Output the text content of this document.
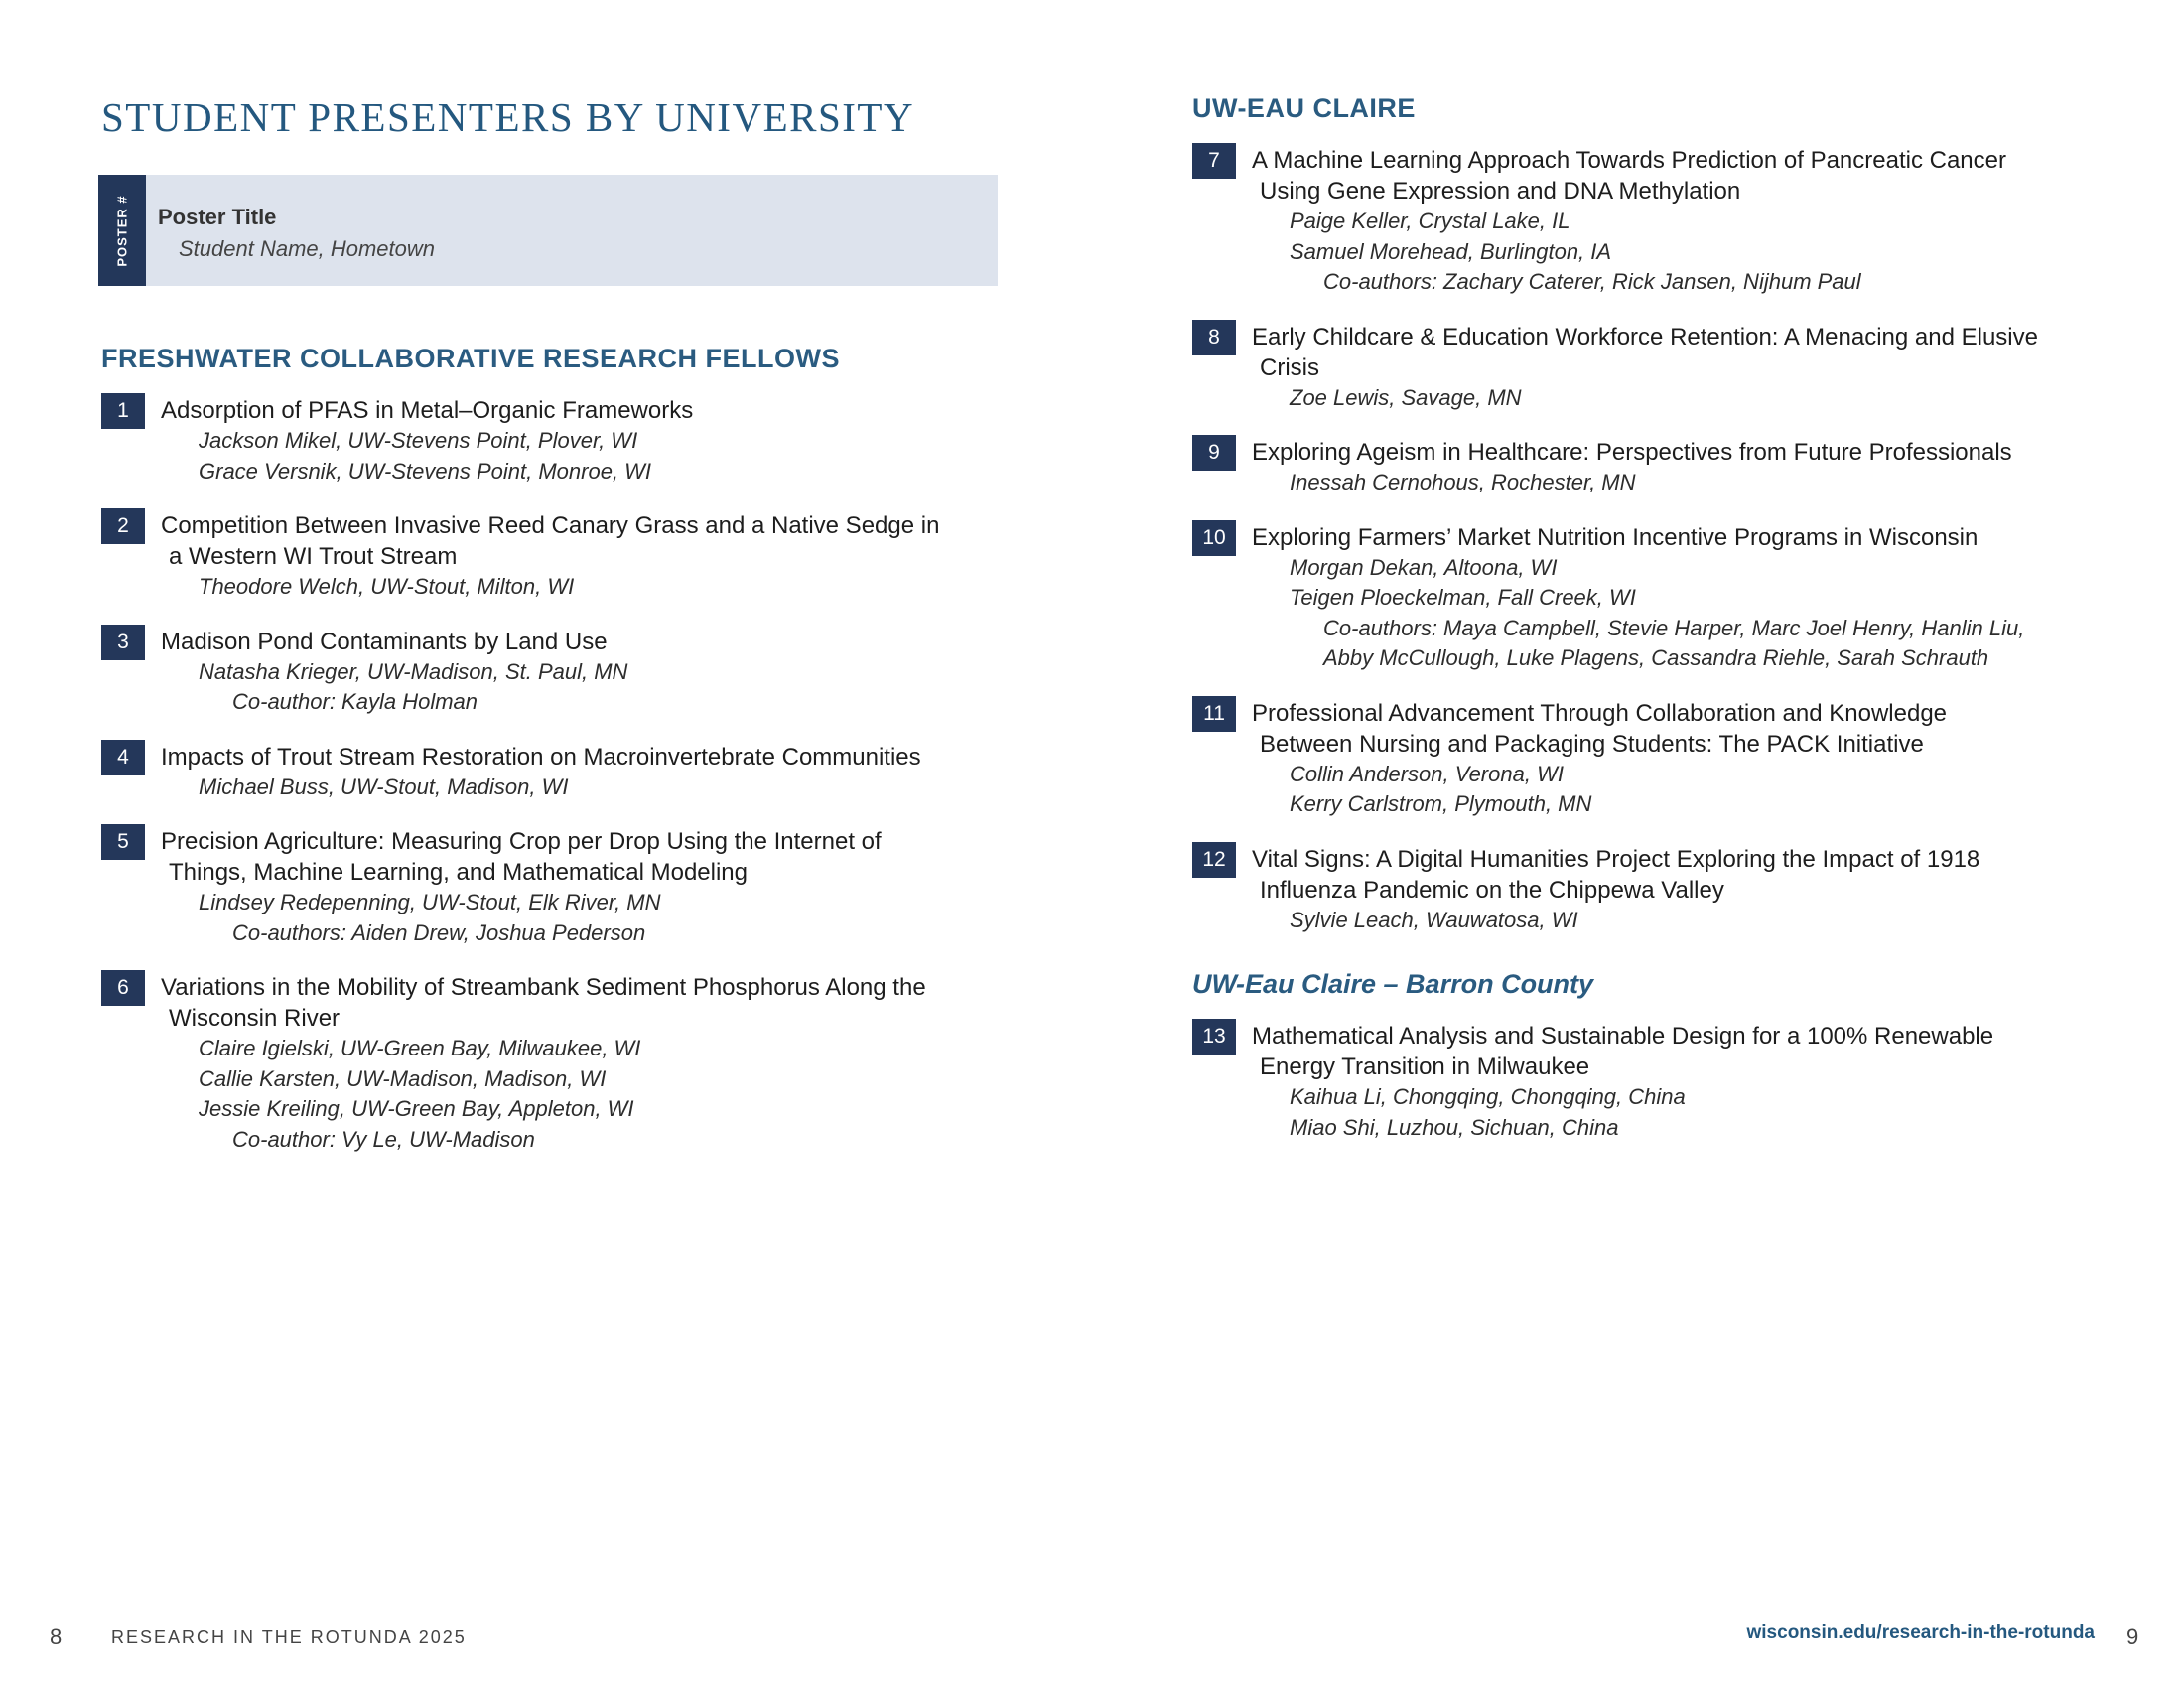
STUDENT PRESENTERS BY UNIVERSITY
POSTER # Poster Title
Student Name, Hometown
FRESHWATER COLLABORATIVE RESEARCH FELLOWS
1	Adsorption of PFAS in Metal–Organic Frameworks
Jackson Mikel, UW-Stevens Point, Plover, WI
Grace Versnik, UW-Stevens Point, Monroe, WI
2	Competition Between Invasive Reed Canary Grass and a Native Sedge in
a Western WI Trout Stream
Theodore Welch, UW-Stout, Milton, WI
3	Madison Pond Contaminants by Land Use
Natasha Krieger, UW-Madison, St. Paul, MN
Co-author: Kayla Holman
4	Impacts of Trout Stream Restoration on Macroinvertebrate Communities
Michael Buss, UW-Stout, Madison, WI
5	Precision Agriculture: Measuring Crop per Drop Using the Internet of
Things, Machine Learning, and Mathematical Modeling
Lindsey Redepenning, UW-Stout, Elk River, MN
Co-authors: Aiden Drew, Joshua Pederson
6	Variations in the Mobility of Streambank Sediment Phosphorus Along the
Wisconsin River
Claire Igielski, UW-Green Bay, Milwaukee, WI
Callie Karsten, UW-Madison, Madison, WI
Jessie Kreiling, UW-Green Bay, Appleton, WI
Co-author: Vy Le, UW-Madison
UW-EAU CLAIRE
7	A Machine Learning Approach Towards Prediction of Pancreatic Cancer
Using Gene Expression and DNA Methylation
Paige Keller, Crystal Lake, IL
Samuel Morehead, Burlington, IA
Co-authors: Zachary Caterer, Rick Jansen, Nijhum Paul
8	Early Childcare & Education Workforce Retention: A Menacing and Elusive
Crisis
Zoe Lewis, Savage, MN
9	Exploring Ageism in Healthcare: Perspectives from Future Professionals
Inessah Cernohous, Rochester, MN
10	Exploring Farmers’ Market Nutrition Incentive Programs in Wisconsin
Morgan Dekan, Altoona, WI
Teigen Ploeckelman, Fall Creek, WI
Co-authors: Maya Campbell, Stevie Harper, Marc Joel Henry, Hanlin Liu,
Abby McCullough, Luke Plagens, Cassandra Riehle, Sarah Schrauth
11	Professional Advancement Through Collaboration and Knowledge
Between Nursing and Packaging Students: The PACK Initiative
Collin Anderson, Verona, WI
Kerry Carlstrom, Plymouth, MN
12	Vital Signs: A Digital Humanities Project Exploring the Impact of 1918
Influenza Pandemic on the Chippewa Valley
Sylvie Leach, Wauwatosa, WI
UW-Eau Claire – Barron County
13	Mathematical Analysis and Sustainable Design for a 100% Renewable
Energy Transition in Milwaukee
Kaihua Li, Chongqing, Chongqing, China
Miao Shi, Luzhou, Sichuan, China
8	RESEARCH IN THE ROTUNDA 2025	wisconsin.edu/research-in-the-rotunda 9
